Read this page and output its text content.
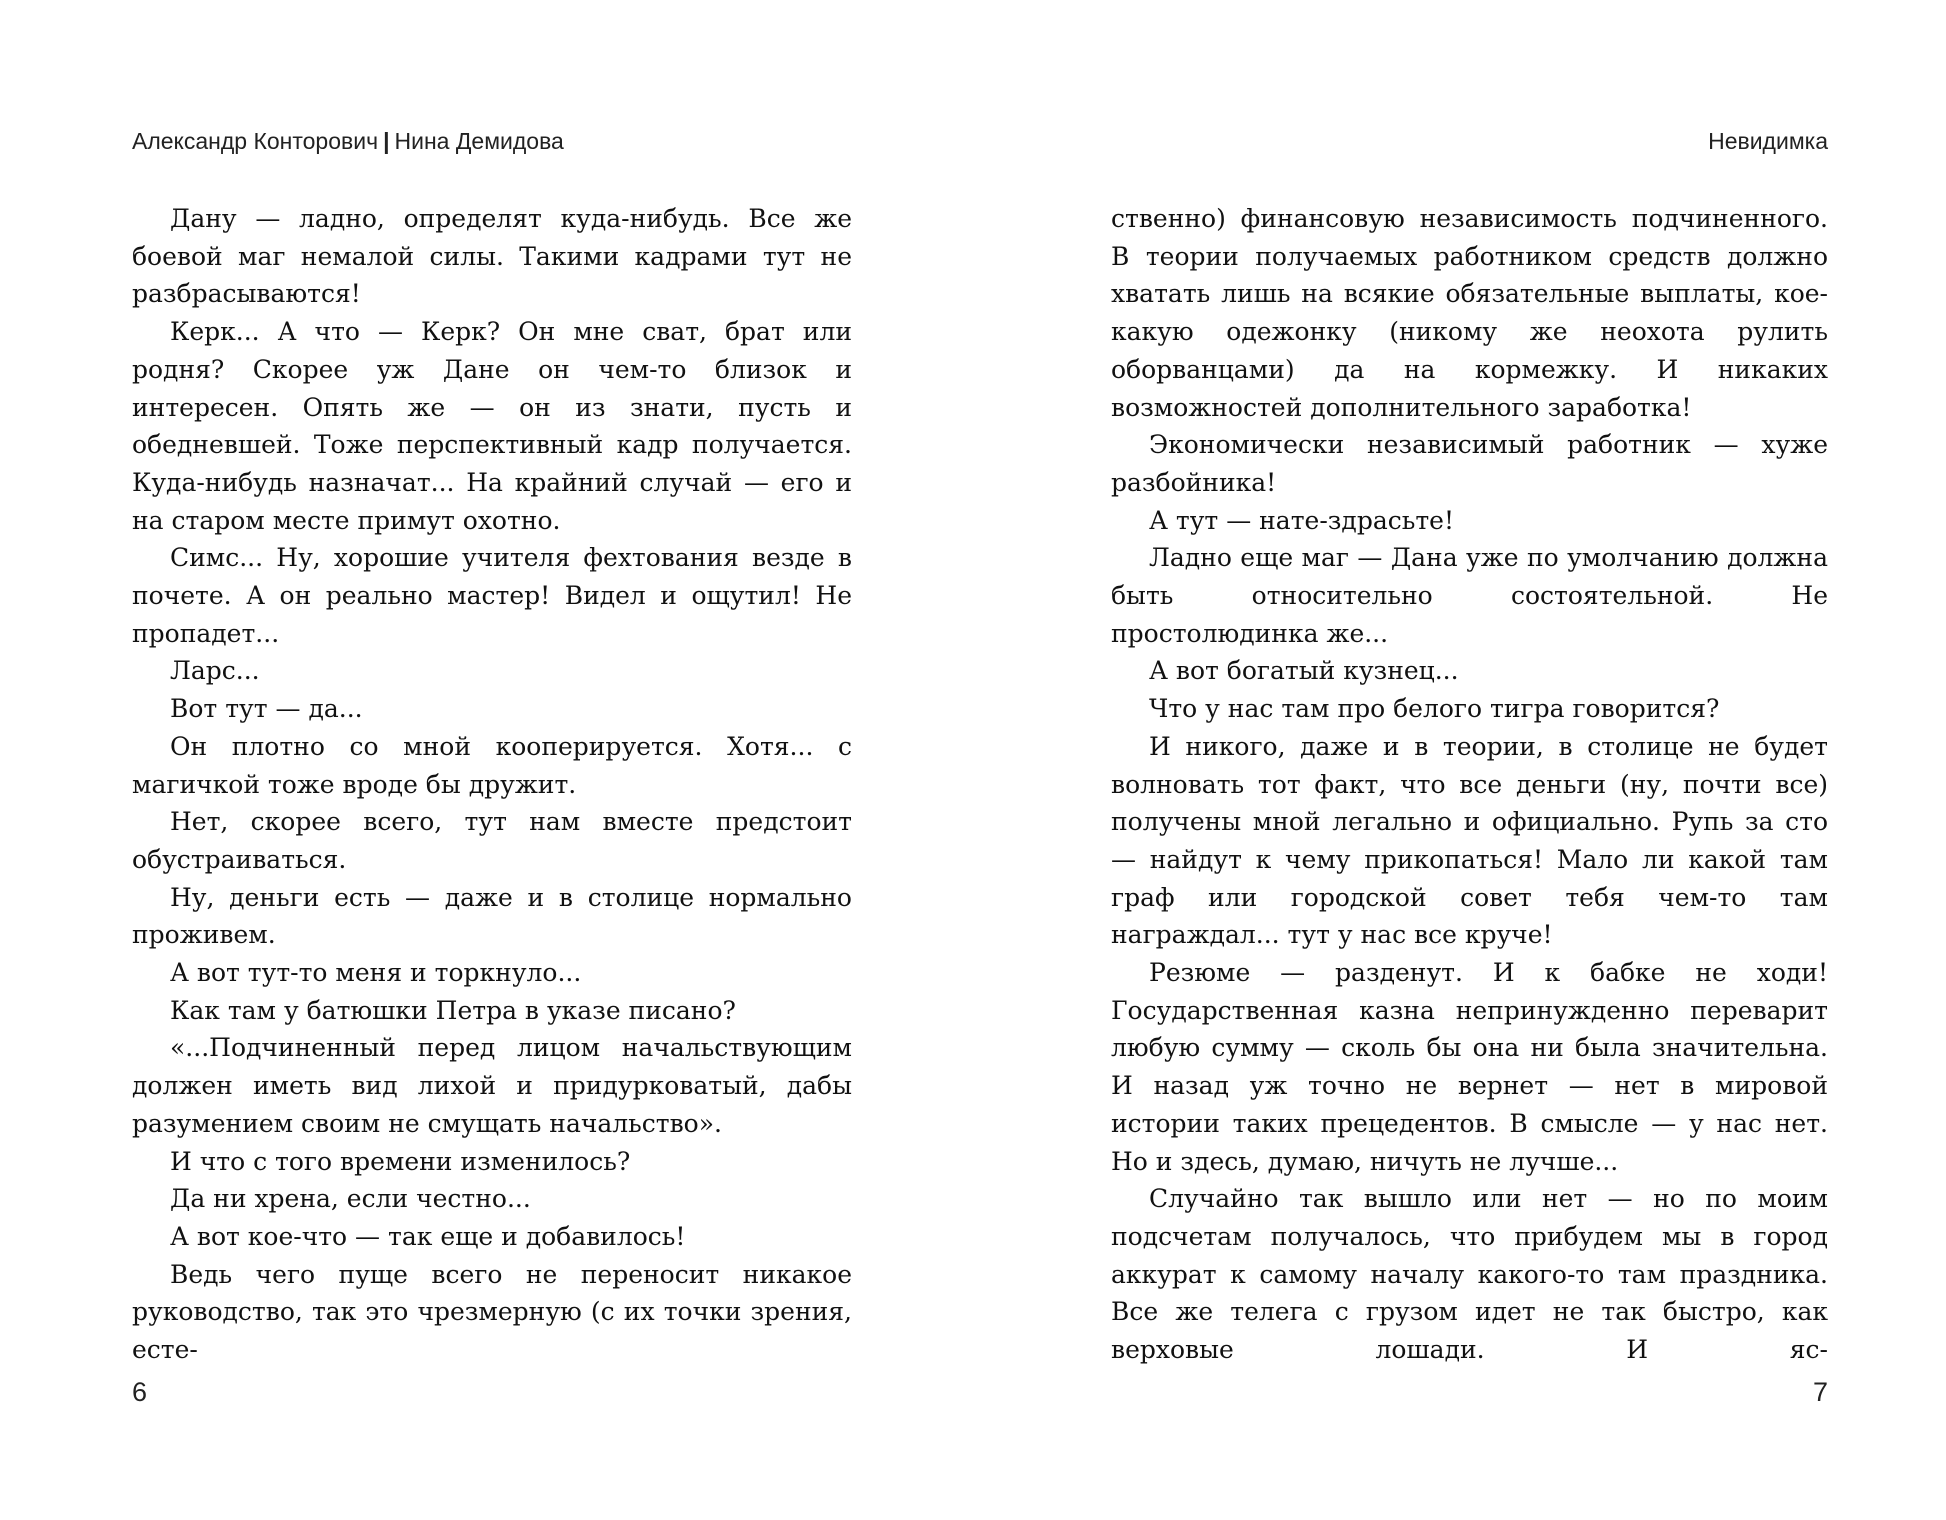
Александр Конторович | Нина Демидова

Дану — ладно, определят куда-нибудь. Все же боевой маг немалой силы. Такими кадрами тут не разбрасываются!

Керк... А что — Керк? Он мне сват, брат или родня? Скорее уж Дане он чем-то близок и интересен. Опять же — он из знати, пусть и обедневшей. Тоже перспективный кадр получается. Куда-нибудь назначат... На крайний случай — его и на старом месте примут охотно.

Симс... Ну, хорошие учителя фехтования везде в почете. А он реально мастер! Видел и ощутил! Не пропадет...

Ларс...

Вот тут — да...

Он плотно со мной кооперируется. Хотя... с магичкой тоже вроде бы дружит.

Нет, скорее всего, тут нам вместе предстоит обустраиваться.

Ну, деньги есть — даже и в столице нормально проживем.

А вот тут-то меня и торкнуло...

Как там у батюшки Петра в указе писано?

«...Подчиненный перед лицом начальствующим должен иметь вид лихой и придурковатый, дабы разумением своим не смущать начальство».

И что с того времени изменилось?

Да ни хрена, если честно...

А вот кое-что — так еще и добавилось!

Ведь чего пуще всего не переносит никакое руководство, так это чрезмерную (с их точки зрения, есте-

6
Невидимка

ственно) финансовую независимость подчиненного. В теории получаемых работником средств должно хватать лишь на всякие обязательные выплаты, кое-какую одежонку (никому же неохота рулить оборванцами) да на кормежку. И никаких возможностей дополнительного заработка!

Экономически независимый работник — хуже разбойника!

А тут — нате-здрасьте!

Ладно еще маг — Дана уже по умолчанию должна быть относительно состоятельной. Не простолюдинка же...

А вот богатый кузнец...

Что у нас там про белого тигра говорится?

И никого, даже и в теории, в столице не будет волновать тот факт, что все деньги (ну, почти все) получены мной легально и официально. Рупь за сто — найдут к чему прикопаться! Мало ли какой там граф или городской совет тебя чем-то там награждал... тут у нас все круче!

Резюме — разденут. И к бабке не ходи! Государственная казна непринужденно переварит любую сумму — сколь бы она ни была значительна. И назад уж точно не вернет — нет в мировой истории таких прецедентов. В смысле — у нас нет. Но и здесь, думаю, ничуть не лучше...

Случайно так вышло или нет — но по моим подсчетам получалось, что прибудем мы в город аккурат к самому началу какого-то там праздника. Все же телега с грузом идет не так быстро, как верховые лошади. И яс-

7
